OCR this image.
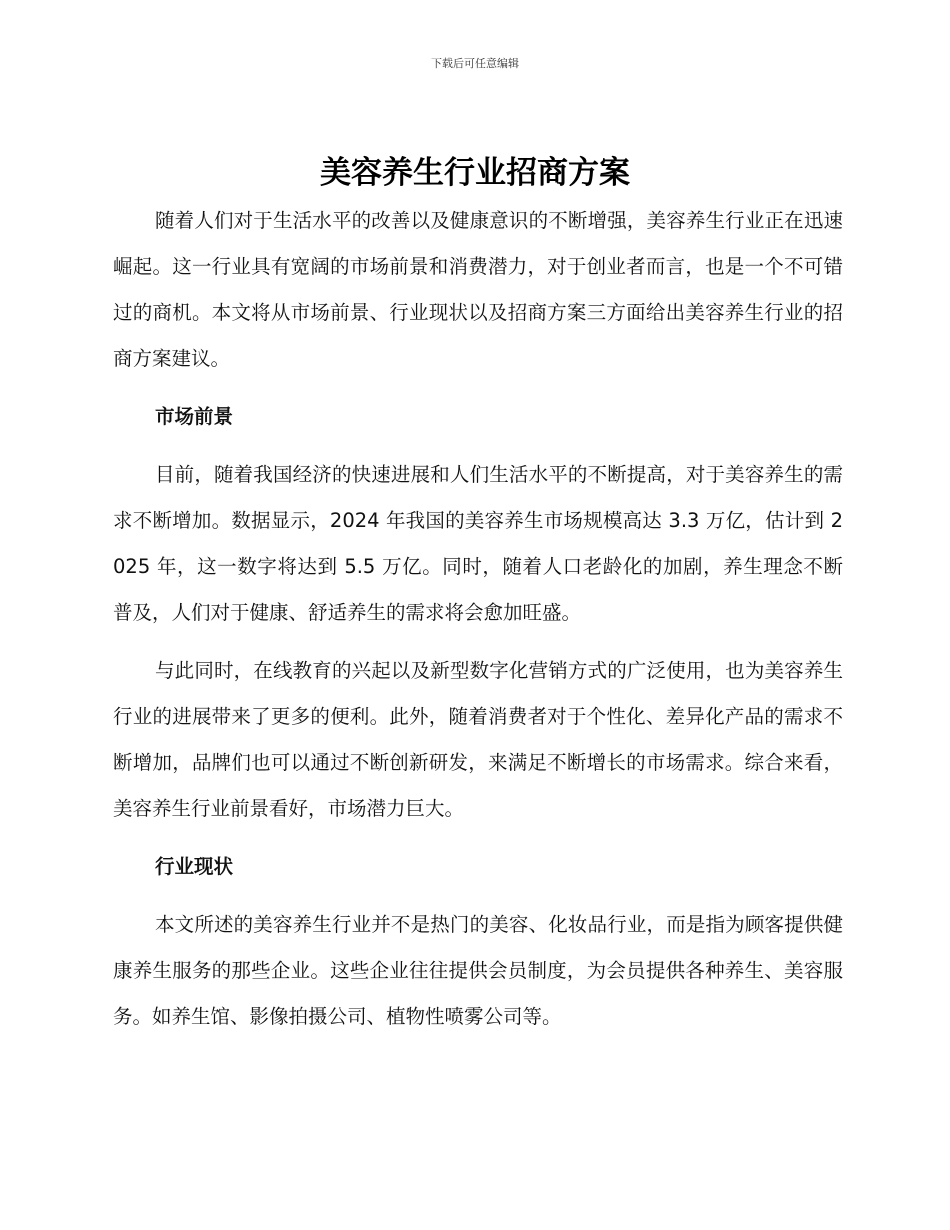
下载后可任意编辑
美容养生行业招商方案

随着人们对于生活水平的改善以及健康意识的不断增强，美容养生行业正在迅速崛起。这一行业具有宽阔的市场前景和消费潜力，对于创业者而言，也是一个不可错过的商机。本文将从市场前景、行业现状以及招商方案三方面给出美容养生行业的招商方案建议。

市场前景

目前，随着我国经济的快速进展和人们生活水平的不断提高，对于美容养生的需求不断增加。数据显示，2024 年我国的美容养生市场规模高达 3.3 万亿，估计到 2025 年，这一数字将达到 5.5 万亿。同时，随着人口老龄化的加剧，养生理念不断普及，人们对于健康、舒适养生的需求将会愈加旺盛。

与此同时，在线教育的兴起以及新型数字化营销方式的广泛使用，也为美容养生行业的进展带来了更多的便利。此外，随着消费者对于个性化、差异化产品的需求不断增加，品牌们也可以通过不断创新研发，来满足不断增长的市场需求。综合来看，美容养生行业前景看好，市场潜力巨大。

行业现状

本文所述的美容养生行业并不是热门的美容、化妆品行业，而是指为顾客提供健康养生服务的那些企业。这些企业往往提供会员制度，为会员提供各种养生、美容服务。如养生馆、影像拍摄公司、植物性喷雾公司等。
